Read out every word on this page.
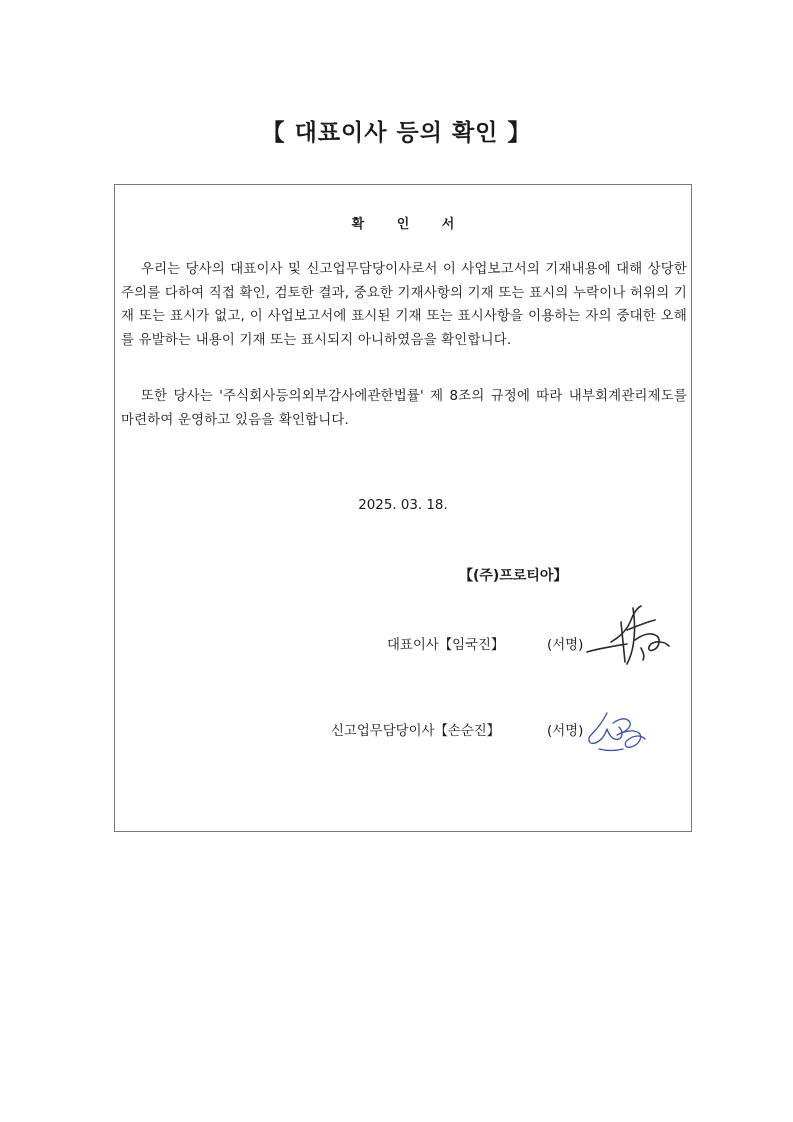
【 대표이사 등의 확인 】
확 인 서

우리는 당사의 대표이사 및 신고업무담당이사로서 이 사업보고서의 기재내용에 대해 상당한 주의를 다하여 직접 확인, 검토한 결과, 중요한 기재사항의 기재 또는 표시의 누락이나 허위의 기재 또는 표시가 없고, 이 사업보고서에 표시된 기재 또는 표시사항을 이용하는 자의 중대한 오해를 유발하는 내용이 기재 또는 표시되지 아니하였음을 확인합니다.

또한 당사는 '주식회사등의외부감사에관한법률' 제 8조의 규정에 따라 내부회계관리제도를 마련하여 운영하고 있음을 확인합니다.

2025. 03. 18.
【(주)프로티아】
대표이사【임국진】	(서명)
신고업무담당이사【손순진】	(서명)
